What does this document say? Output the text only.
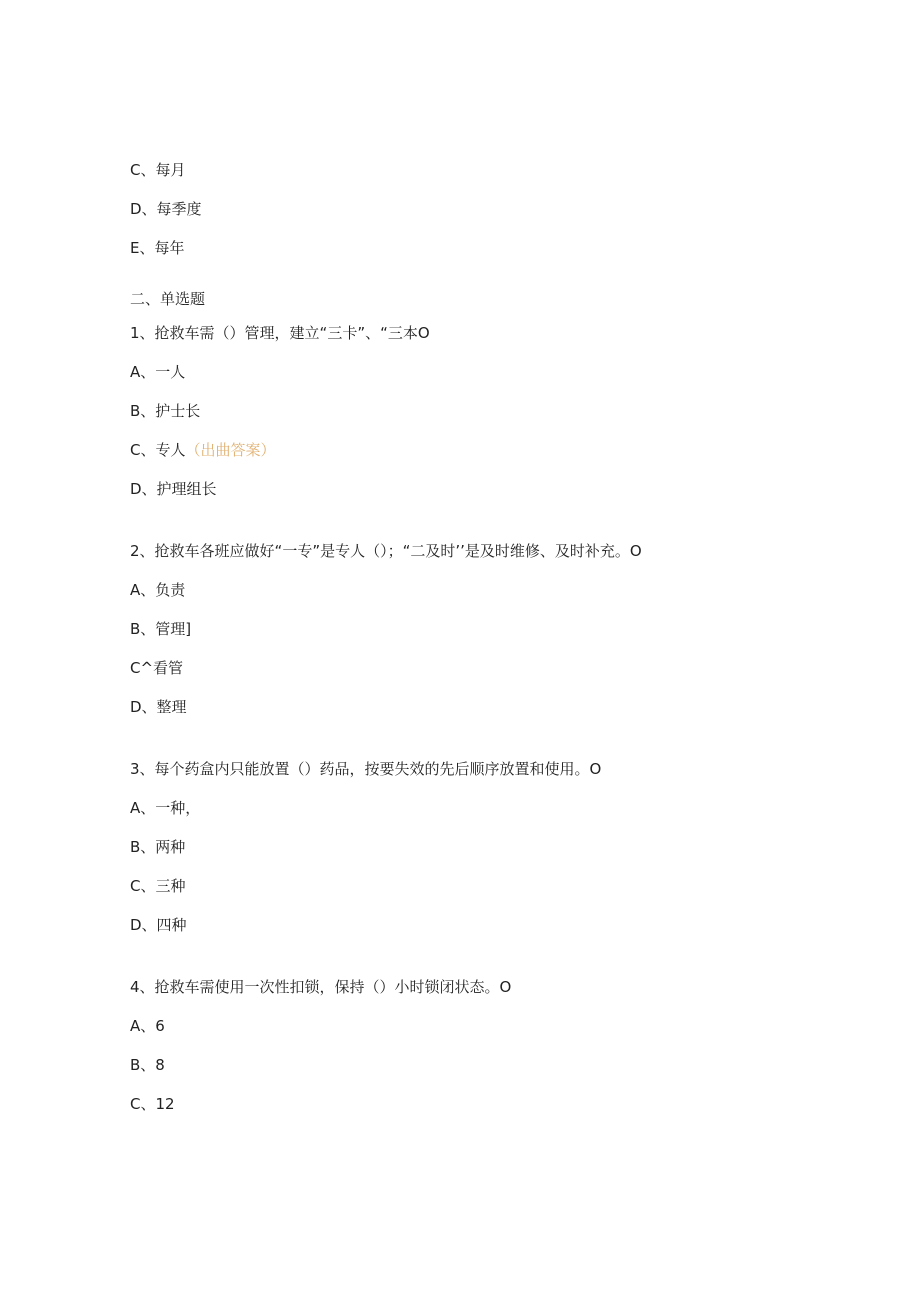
C、每月
D、每季度
E、每年
二、单选题
1、抢救车需（）管理，建立“三卡”、“三本O
A、一人
B、护士长
C、专人（出曲答案）
D、护理组长
2、抢救车各班应做好“一专”是专人（）；“二及时’’是及时维修、及时补充。O
A、负责
B、管理]
C^看管
D、整理
3、每个药盒内只能放置（）药品，按要失效的先后顺序放置和使用。O
A、一种，
B、两种
C、三种
D、四种
4、抢救车需使用一次性扣锁，保持（）小时锁闭状态。O
A、6
B、8
C、12
